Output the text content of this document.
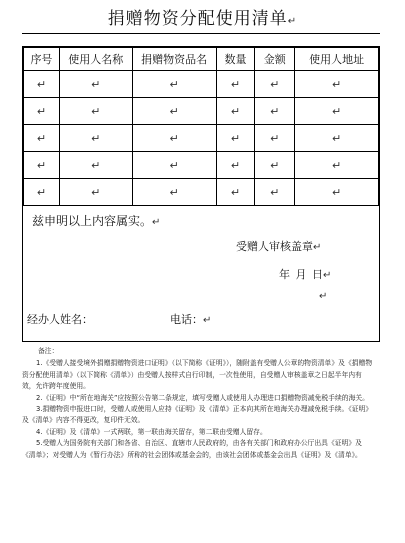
捐赠物资分配使用清单↵
序号	使用人名称	捐赠物资品名	数量	金额	使用人地址
↵	↵	↵	↵	↵	↵
↵	↵	↵	↵	↵	↵
↵	↵	↵	↵	↵	↵
↵	↵	↵	↵	↵	↵
↵	↵	↵	↵	↵	↵
兹申明以上内容属实。↵
受赠人审核盖章↵
年 月 日↵
↵
经办人姓名：	电话：↵
备注：

1.《受赠人接受境外捐赠捐赠物资进口证明》（以下简称《证明》），随附盖有受赠人公章的物资清单》及《捐赠物资分配使用清单》（以下简称《清单》）由受赠人按样式自行印制，一次性使用，自受赠人审核盖章之日起半年内有效，允许跨年度使用。

2.《证明》中“所在地海关”应按照公告第二条规定，填写受赠人或使用人办理进口捐赠物资减免税手续的海关。

3.捐赠物资申报进口时，受赠人或使用人应持《证明》及《清单》正本向其所在地海关办理减免税手续。《证明》及《清单》内容不得更改，复印件无效。

4.《证明》及《清单》一式两联，第一联由海关留存，第二联由受赠人留存。

5.受赠人为国务院有关部门和各省、自治区、直辖市人民政府的，由各有关部门和政府办公厅出具《证明》及《清单》；对受赠人为《暂行办法》所称的社会团体或基金会的，由该社会团体或基金会出具《证明》及《清单》。
